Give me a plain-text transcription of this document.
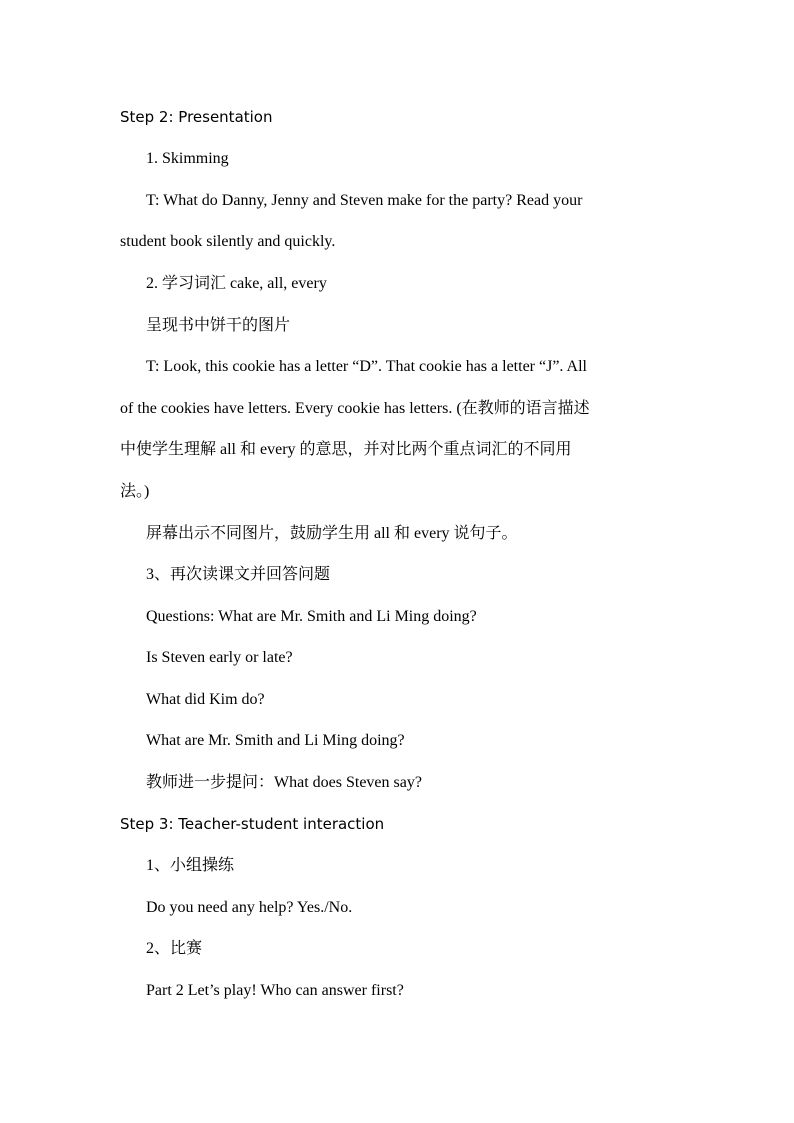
Step 2: Presentation
1. Skimming
T: What do Danny, Jenny and Steven make for the party? Read your
student book silently and quickly.
2. 学习词汇 cake, all, every
呈现书中饼干的图片
T: Look, this cookie has a letter “D”. That cookie has a letter “J”. All
of the cookies have letters. Every cookie has letters. (在教师的语言描述
中使学生理解 all 和 every 的意思，并对比两个重点词汇的不同用
法。)
屏幕出示不同图片，鼓励学生用 all 和 every 说句子。
3、再次读课文并回答问题
Questions: What are Mr. Smith and Li Ming doing?
Is Steven early or late?
What did Kim do?
What are Mr. Smith and Li Ming doing?
教师进一步提问：What does Steven say?
Step 3: Teacher-student interaction
1、小组操练
Do you need any help? Yes./No.
2、比赛
Part 2 Let’s play! Who can answer first?
